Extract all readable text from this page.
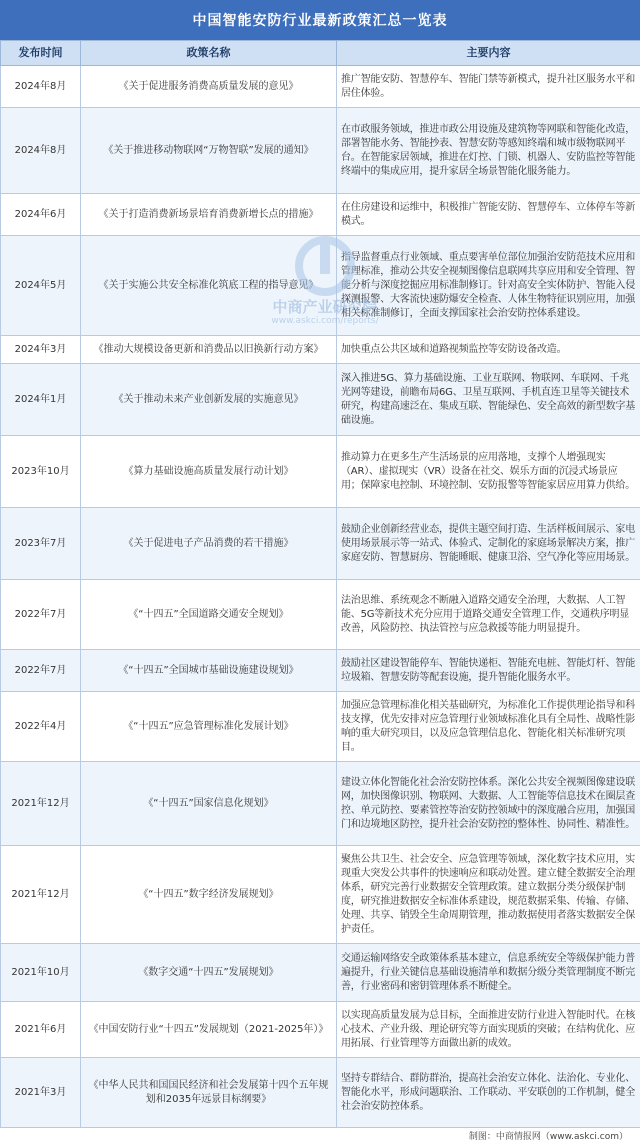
中国智能安防行业最新政策汇总一览表
发布时间	政策名称	主要内容
2024年8月	《关于促进服务消费高质量发展的意见》	推广智能安防、智慧停车、智能门禁等新模式，提升社区服务水平和居住体验。
2024年8月	《关于推进移动物联网“万物智联”发展的通知》	在市政服务领域，推进市政公用设施及建筑物等网联和智能化改造，部署智能水务、智能抄表、智慧安防等感知终端和城市级物联网平台。在智能家居领域，推进在灯控、门锁、机器人、安防监控等智能终端中的集成应用，提升家居全场景智能化服务能力。
2024年6月	《关于打造消费新场景培育消费新增长点的措施》	在住房建设和运维中，积极推广智能安防、智慧停车、立体停车等新模式。
2024年5月	《关于实施公共安全标准化筑底工程的指导意见》	指导监督重点行业领域、重点要害单位部位加强治安防范技术应用和管理标准，推动公共安全视频图像信息联网共享应用和安全管理、智能分析与深度挖掘应用标准制修订。针对高安全实体防护、智能入侵探测报警、大客流快速防爆安全检查、人体生物特征识别应用，加强相关标准制修订，全面支撑国家社会治安防控体系建设。
2024年3月	《推动大规模设备更新和消费品以旧换新行动方案》	加快重点公共区域和道路视频监控等安防设备改造。
2024年1月	《关于推动未来产业创新发展的实施意见》	深入推进5G、算力基础设施、工业互联网、物联网、车联网、千兆光网等建设，前瞻布局6G、卫星互联网、手机直连卫星等关键技术研究，构建高速泛在、集成互联、智能绿色、安全高效的新型数字基础设施。
2023年10月	《算力基础设施高质量发展行动计划》	推动算力在更多生产生活场景的应用落地，支撑个人增强现实（AR）、虚拟现实（VR）设备在社交、娱乐方面的沉浸式场景应用；保障家电控制、环境控制、安防报警等智能家居应用算力供给。
2023年7月	《关于促进电子产品消费的若干措施》	鼓励企业创新经营业态，提供主题空间打造、生活样板间展示、家电使用场景展示等一站式、体验式、定制化的家庭场景解决方案，推广家庭安防、智慧厨房、智能睡眠、健康卫浴、空气净化等应用场景。
2022年7月	《“十四五”全国道路交通安全规划》	法治思维、系统观念不断融入道路交通安全治理，大数据、人工智能、5G等新技术充分应用于道路交通安全管理工作，交通秩序明显改善，风险防控、执法管控与应急救援等能力明显提升。
2022年7月	《“十四五”全国城市基础设施建设规划》	鼓励社区建设智能停车、智能快递柜、智能充电桩、智能灯杆、智能垃圾箱、智慧安防等配套设施，提升智能化服务水平。
2022年4月	《“十四五”应急管理标准化发展计划》	加强应急管理标准化相关基础研究，为标准化工作提供理论指导和科技支撑，优先安排对应急管理行业领域标准化具有全局性、战略性影响的重大研究项目，以及应急管理信息化、智能化相关标准研究项目。
2021年12月	《“十四五”国家信息化规划》	建设立体化智能化社会治安防控体系。深化公共安全视频图像建设联网，加快图像识别、物联网、大数据、人工智能等信息技术在圈层查控、单元防控、要素管控等治安防控领域中的深度融合应用，加强国门和边境地区防控，提升社会治安防控的整体性、协同性、精准性。
2021年12月	《“十四五”数字经济发展规划》	聚焦公共卫生、社会安全、应急管理等领域，深化数字技术应用，实现重大突发公共事件的快速响应和联动处置。建立健全数据安全治理体系，研究完善行业数据安全管理政策。建立数据分类分级保护制度，研究推进数据安全标准体系建设，规范数据采集、传输、存储、处理、共享、销毁全生命周期管理，推动数据使用者落实数据安全保护责任。
2021年10月	《数字交通“十四五”发展规划》	交通运输网络安全政策体系基本建立，信息系统安全等级保护能力普遍提升，行业关键信息基础设施清单和数据分级分类管理制度不断完善，行业密码和密钥管理体系不断健全。
2021年6月	《中国安防行业“十四五”发展规划（2021-2025年）》	以实现高质量发展为总目标，全面推进安防行业进入智能时代。在核心技术、产业升级、理论研究等方面实现质的突破；在结构优化、应用拓展、行业管理等方面做出新的成效。
2021年3月	《中华人民共和国国民经济和社会发展第十四个五年规划和2035年远景目标纲要》	坚持专群结合、群防群治，提高社会治安立体化、法治化、专业化、智能化水平，形成问题联治、工作联动、平安联创的工作机制，健全社会治安防控体系。
制图：中商情报网（www.askci.com）
中商产业研究院
www.askci.com/reports/
